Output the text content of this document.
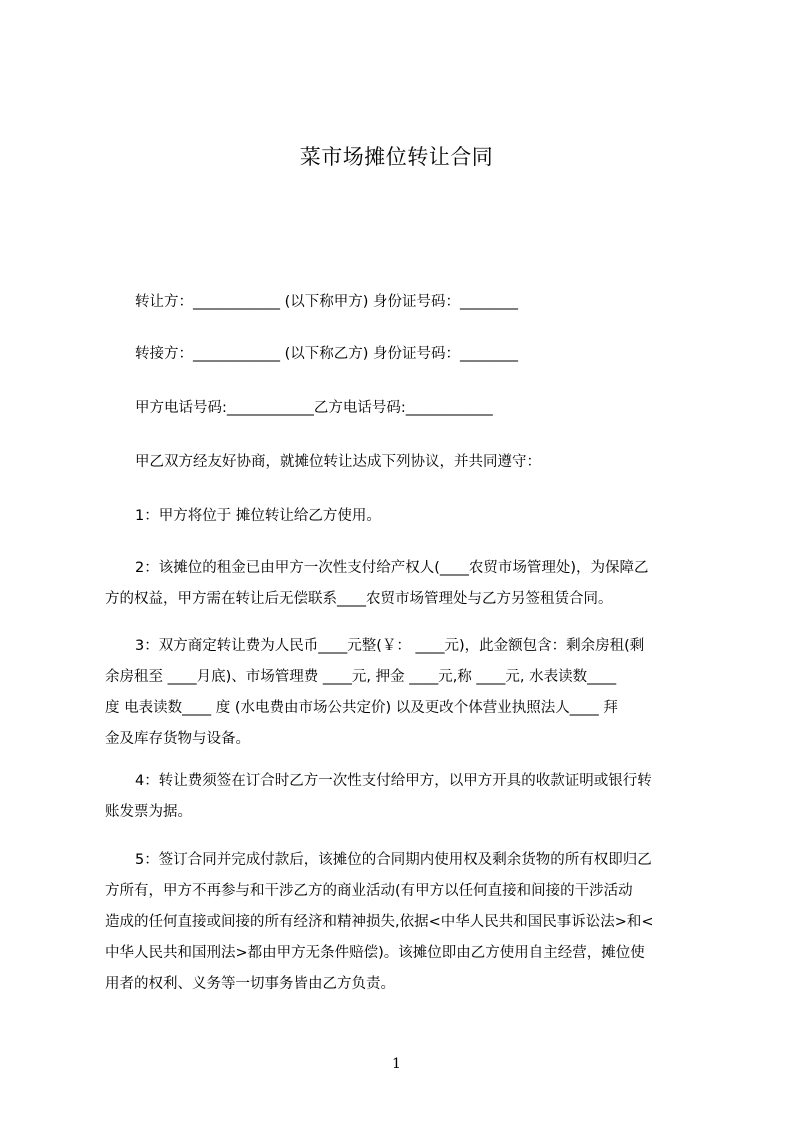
菜市场摊位转让合同
转让方：____________ (以下称甲方) 身份证号码：________
转接方：____________ (以下称乙方) 身份证号码：________
甲方电话号码:____________乙方电话号码:____________
甲乙双方经友好协商，就摊位转让达成下列协议，并共同遵守：
1：甲方将位于 摊位转让给乙方使用。
2：该摊位的租金已由甲方一次性支付给产权人(____农贸市场管理处)，为保障乙
方的权益，甲方需在转让后无偿联系____农贸市场管理处与乙方另签租赁合同。
3：双方商定转让费为人民币____元整(￥： ____元)，此金额包含：剩余房租(剩
余房租至 ____月底)、市场管理费 ____元, 押金 ____元,称 ____元, 水表读数____
度 电表读数____ 度 (水电费由市场公共定价) 以及更改个体营业执照法人____ 拜
金及库存货物与设备。
4：转让费须签在订合时乙方一次性支付给甲方，以甲方开具的收款证明或银行转
账发票为据。
5：签订合同并完成付款后，该摊位的合同期内使用权及剩余货物的所有权即归乙
方所有，甲方不再参与和干涉乙方的商业活动(有甲方以任何直接和间接的干涉活动
造成的任何直接或间接的所有经济和精神损失,依据<中华人民共和国民事诉讼法>和<
中华人民共和国刑法>都由甲方无条件赔偿)。该摊位即由乙方使用自主经营，摊位使
用者的权利、义务等一切事务皆由乙方负责。
1
